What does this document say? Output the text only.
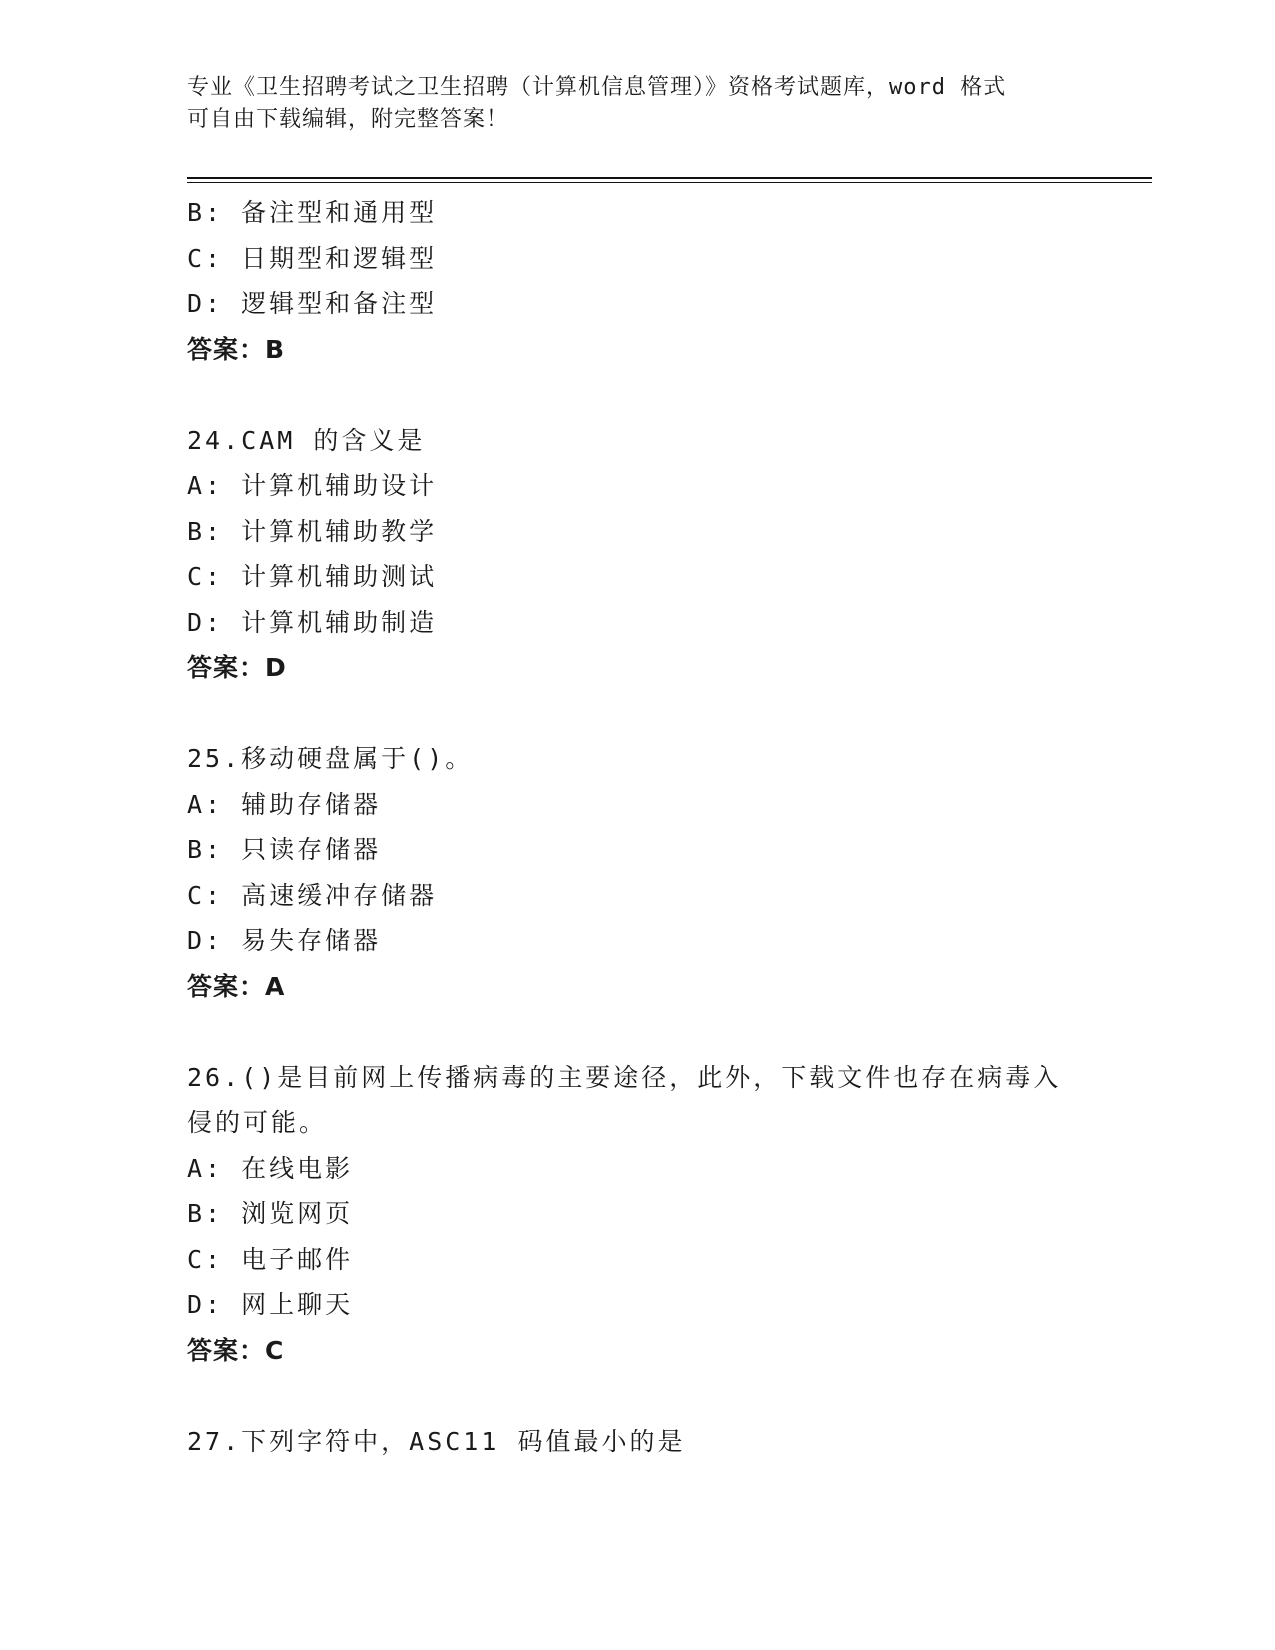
专业《卫生招聘考试之卫生招聘（计算机信息管理）》资格考试题库，word 格式
可自由下载编辑，附完整答案！
B: 备注型和通用型
C: 日期型和逻辑型
D: 逻辑型和备注型
答案：B
24.CAM 的含义是
A: 计算机辅助设计
B: 计算机辅助教学
C: 计算机辅助测试
D: 计算机辅助制造
答案：D
25.移动硬盘属于()。
A: 辅助存储器
B: 只读存储器
C: 高速缓冲存储器
D: 易失存储器
答案：A
26.()是目前网上传播病毒的主要途径，此外，下载文件也存在病毒入
侵的可能。
A: 在线电影
B: 浏览网页
C: 电子邮件
D: 网上聊天
答案：C
27.下列字符中，ASC11 码值最小的是
